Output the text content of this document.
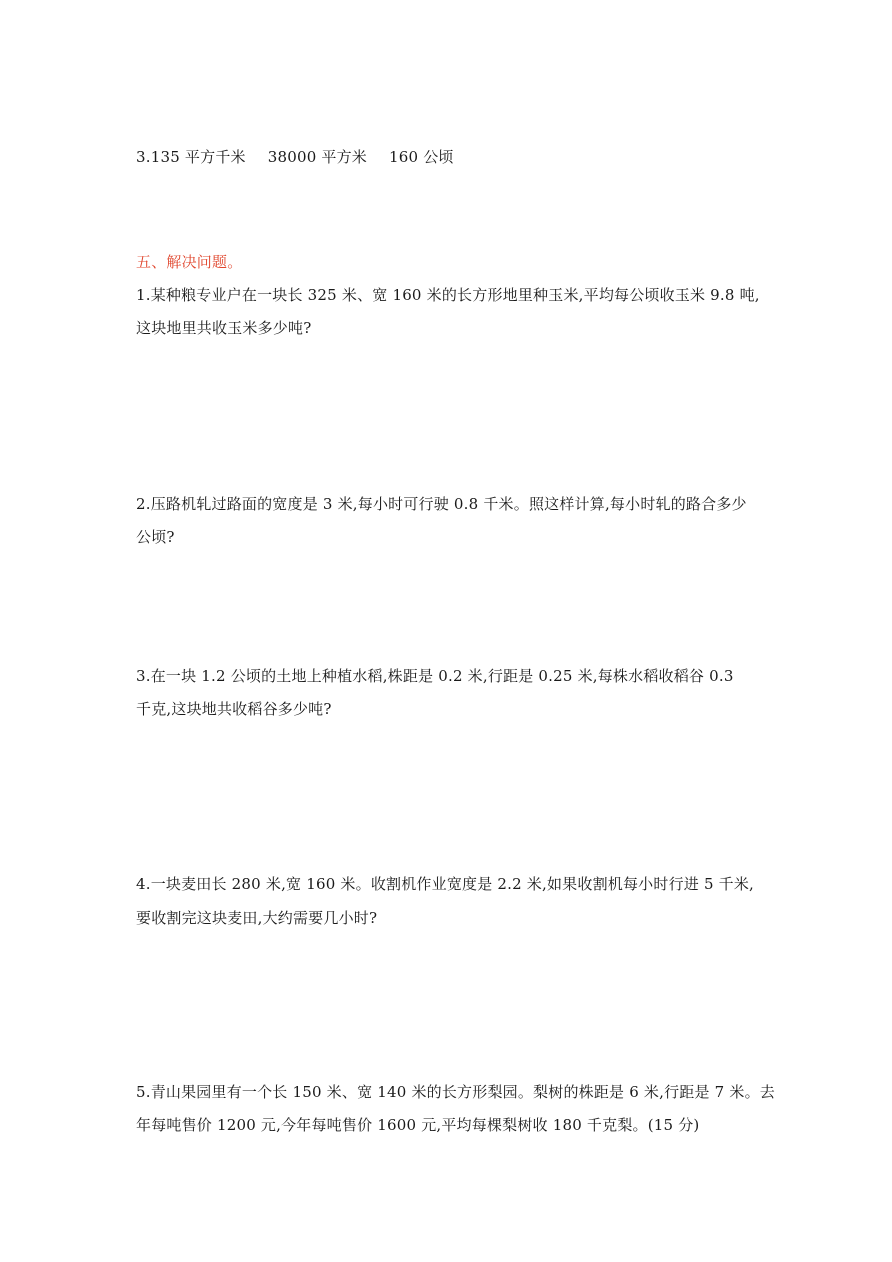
3.135 平方千米 38000 平方米 160 公顷
五、解决问题。
1.某种粮专业户在一块长 325 米、宽 160 米的长方形地里种玉米,平均每公顷收玉米 9.8 吨,
这块地里共收玉米多少吨?
2.压路机轧过路面的宽度是 3 米,每小时可行驶 0.8 千米。照这样计算,每小时轧的路合多少
公顷?
3.在一块 1.2 公顷的土地上种植水稻,株距是 0.2 米,行距是 0.25 米,每株水稻收稻谷 0.3
千克,这块地共收稻谷多少吨?
4.一块麦田长 280 米,宽 160 米。收割机作业宽度是 2.2 米,如果收割机每小时行进 5 千米,
要收割完这块麦田,大约需要几小时?
5.青山果园里有一个长 150 米、宽 140 米的长方形梨园。梨树的株距是 6 米,行距是 7 米。去
年每吨售价 1200 元,今年每吨售价 1600 元,平均每棵梨树收 180 千克梨。(15 分)
